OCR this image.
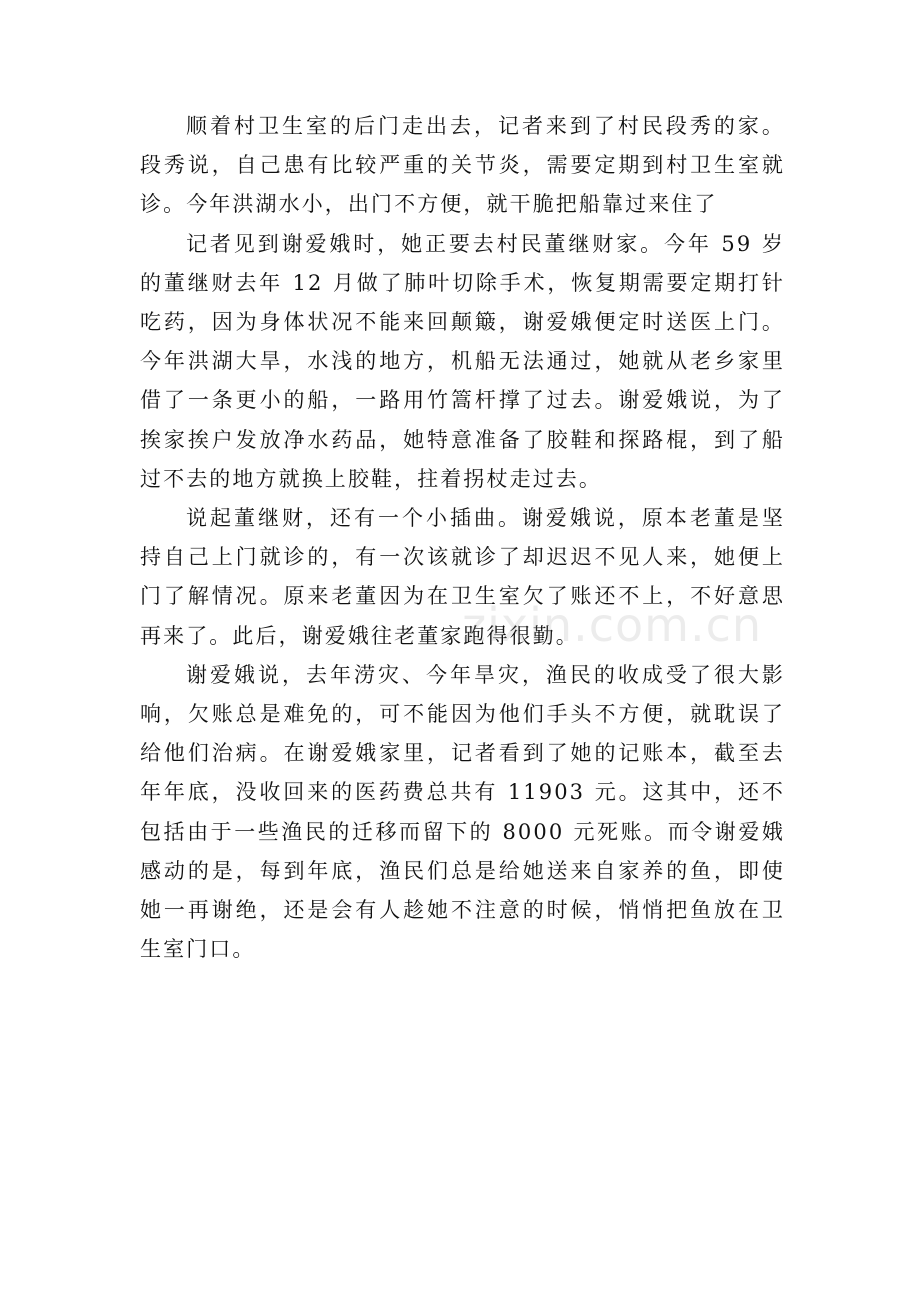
顺着村卫生室的后门走出去，记者来到了村民段秀的家。段秀说，自己患有比较严重的关节炎，需要定期到村卫生室就诊。今年洪湖水小，出门不方便，就干脆把船靠过来住了

记者见到谢爱娥时，她正要去村民董继财家。今年 59 岁的董继财去年 12 月做了肺叶切除手术，恢复期需要定期打针吃药，因为身体状况不能来回颠簸，谢爱娥便定时送医上门。今年洪湖大旱，水浅的地方，机船无法通过，她就从老乡家里借了一条更小的船，一路用竹篙杆撑了过去。谢爱娥说，为了挨家挨户发放净水药品，她特意准备了胶鞋和探路棍，到了船过不去的地方就换上胶鞋，拄着拐杖走过去。

说起董继财，还有一个小插曲。谢爱娥说，原本老董是坚持自己上门就诊的，有一次该就诊了却迟迟不见人来，她便上门了解情况。原来老董因为在卫生室欠了账还不上，不好意思再来了。此后，谢爱娥往老董家跑得很勤。

谢爱娥说，去年涝灾、今年旱灾，渔民的收成受了很大影响，欠账总是难免的，可不能因为他们手头不方便，就耽误了给他们治病。在谢爱娥家里，记者看到了她的记账本，截至去年年底，没收回来的医药费总共有 11903 元。这其中，还不包括由于一些渔民的迁移而留下的 8000 元死账。而令谢爱娥感动的是，每到年底，渔民们总是给她送来自家养的鱼，即使她一再谢绝，还是会有人趁她不注意的时候，悄悄把鱼放在卫生室门口。

zixin.com.cn
